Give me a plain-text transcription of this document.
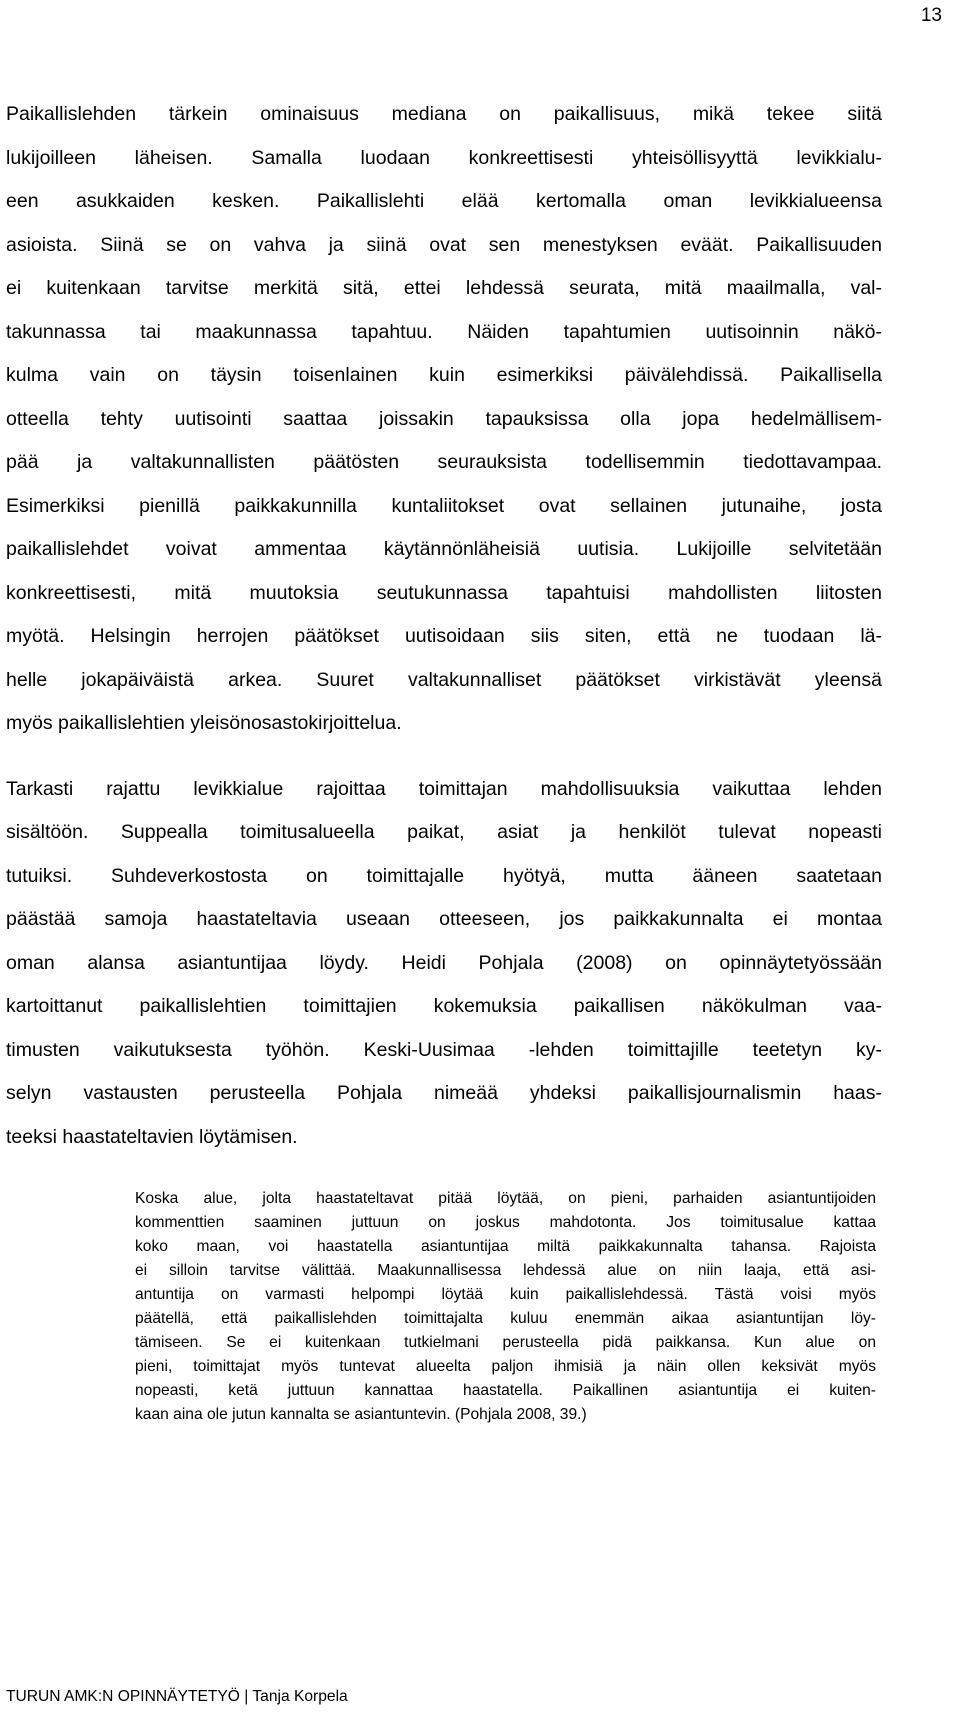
13
Paikallislehden tärkein ominaisuus mediana on paikallisuus, mikä tekee siitä
lukijoilleen läheisen. Samalla luodaan konkreettisesti yhteisöllisyyttä levikkialu-
een asukkaiden kesken. Paikallislehti elää kertomalla oman levikkialueensa
asioista. Siinä se on vahva ja siinä ovat sen menestyksen eväät. Paikallisuuden
ei kuitenkaan tarvitse merkitä sitä, ettei lehdessä seurata, mitä maailmalla, val-
takunnassa tai maakunnassa tapahtuu. Näiden tapahtumien uutisoinnin näkö-
kulma vain on täysin toisenlainen kuin esimerkiksi päivälehdissä. Paikallisella
otteella tehty uutisointi saattaa joissakin tapauksissa olla jopa hedelmällisem-
pää ja valtakunnallisten päätösten seurauksista todellisemmin tiedottavampaa.
Esimerkiksi pienillä paikkakunnilla kuntaliitokset ovat sellainen jutunaihe, josta
paikallislehdet voivat ammentaa käytännönläheisiä uutisia. Lukijoille selvitetään
konkreettisesti, mitä muutoksia seutukunnassa tapahtuisi mahdollisten liitosten
myötä. Helsingin herrojen päätökset uutisoidaan siis siten, että ne tuodaan lä-
helle jokapäiväistä arkea. Suuret valtakunnalliset päätökset virkistävät yleensä
myös paikallislehtien yleisönosastokirjoittelua.
Tarkasti rajattu levikkialue rajoittaa toimittajan mahdollisuuksia vaikuttaa lehden
sisältöön. Suppealla toimitusalueella paikat, asiat ja henkilöt tulevat nopeasti
tutuiksi. Suhdeverkostosta on toimittajalle hyötyä, mutta ääneen saatetaan
päästää samoja haastateltavia useaan otteeseen, jos paikkakunnalta ei montaa
oman alansa asiantuntijaa löydy. Heidi Pohjala (2008) on opinnäytetyössään
kartoittanut paikallislehtien toimittajien kokemuksia paikallisen näkökulman vaa-
timusten vaikutuksesta työhön. Keski-Uusimaa -lehden toimittajille teetetyn ky-
selyn vastausten perusteella Pohjala nimeää yhdeksi paikallisjournalismin haas-
teeksi haastateltavien löytämisen.
Koska alue, jolta haastateltavat pitää löytää, on pieni, parhaiden asiantuntijoiden
kommenttien saaminen juttuun on joskus mahdotonta. Jos toimitusalue kattaa
koko maan, voi haastatella asiantuntijaa miltä paikkakunnalta tahansa. Rajoista
ei silloin tarvitse välittää. Maakunnallisessa lehdessä alue on niin laaja, että asi-
antuntija on varmasti helpompi löytää kuin paikallislehdessä. Tästä voisi myös
päätellä, että paikallislehden toimittajalta kuluu enemmän aikaa asiantuntijan löy-
tämiseen. Se ei kuitenkaan tutkielmani perusteella pidä paikkansa. Kun alue on
pieni, toimittajat myös tuntevat alueelta paljon ihmisiä ja näin ollen keksivät myös
nopeasti, ketä juttuun kannattaa haastatella. Paikallinen asiantuntija ei kuiten-
kaan aina ole jutun kannalta se asiantuntevin. (Pohjala 2008, 39.)
TURUN AMK:N OPINNÄYTETYÖ | Tanja Korpela
